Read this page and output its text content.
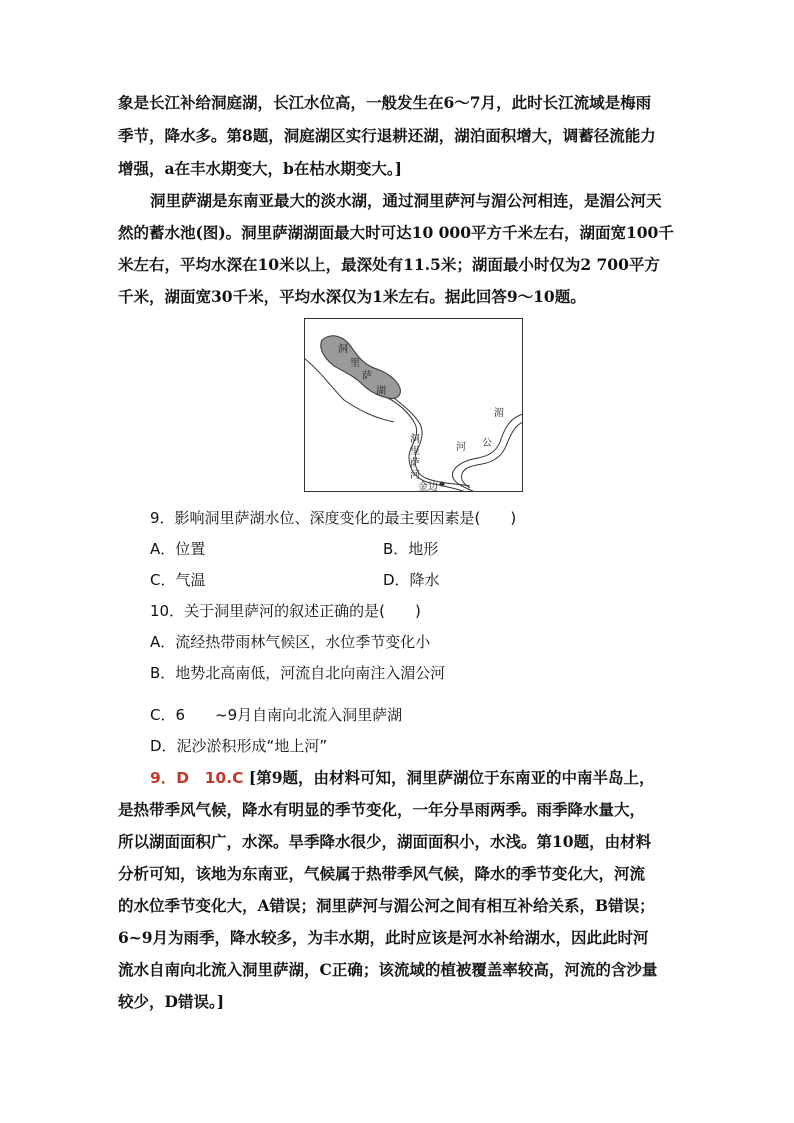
象是长江补给洞庭湖，长江水位高，一般发生在6～7月，此时长江流域是梅雨
季节，降水多。第8题，洞庭湖区实行退耕还湖，湖泊面积增大，调蓄径流能力
增强，a在丰水期变大，b在枯水期变大。]
洞里萨湖是东南亚最大的淡水湖，通过洞里萨河与湄公河相连，是湄公河天
然的蓄水池(图)。洞里萨湖湖面最大时可达10 000平方千米左右，湖面宽100千
米左右，平均水深在10米以上，最深处有11.5米；湖面最小时仅为2 700平方
千米，湖面宽30千米，平均水深仅为1米左右。据此回答9～10题。
洞
里
萨
湖
洞
里
萨
河
湄
公
河
金边
9．影响洞里萨湖水位、深度变化的最主要因素是(　　)
A．位置	B．地形
C．气温	D．降水
10．关于洞里萨河的叙述正确的是(　　)
A．流经热带雨林气候区，水位季节变化小
B．地势北高南低，河流自北向南注入湄公河
C．6　　~9月自南向北流入洞里萨湖
D．泥沙淤积形成“地上河”
9．D　10.C [第9题，由材料可知，洞里萨湖位于东南亚的中南半岛上，
是热带季风气候，降水有明显的季节变化，一年分旱雨两季。雨季降水量大，
所以湖面面积广，水深。旱季降水很少，湖面面积小，水浅。第10题，由材料
分析可知，该地为东南亚，气候属于热带季风气候，降水的季节变化大，河流
的水位季节变化大，A错误；洞里萨河与湄公河之间有相互补给关系，B错误；
6~9月为雨季，降水较多，为丰水期，此时应该是河水补给湖水，因此此时河
流水自南向北流入洞里萨湖，C正确；该流域的植被覆盖率较高，河流的含沙量
较少，D错误。]
